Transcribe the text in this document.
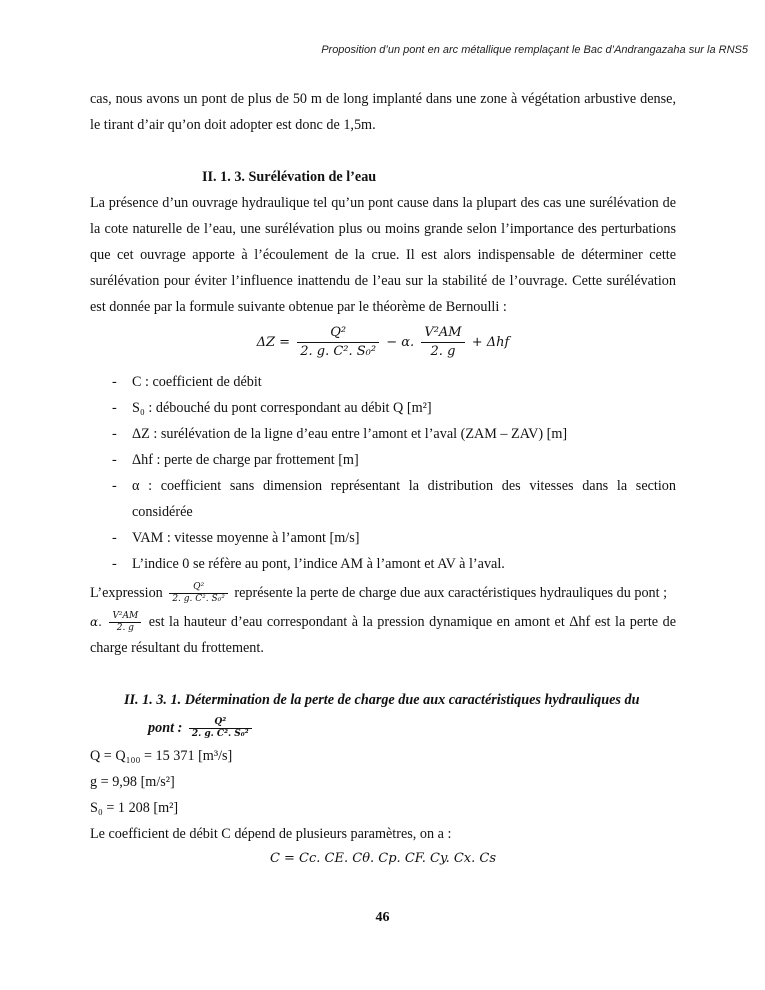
Proposition d’un pont en arc métallique remplaçant le Bac d’Andrangazaha sur la RNS5

cas, nous avons un pont de plus de 50 m de long implanté dans une zone à végétation arbustive dense, le tirant d’air qu’on doit adopter est donc de 1,5m.

II. 1. 3. Surélévation de l’eau

La présence d’un ouvrage hydraulique tel qu’un pont cause dans la plupart des cas une surélévation de la cote naturelle de l’eau, une surélévation plus ou moins grande selon l’importance des perturbations que cet ouvrage apporte à l’écoulement de la crue. Il est alors indispensable de déterminer cette surélévation pour éviter l’influence inattendu de l’eau sur la stabilité de l’ouvrage. Cette surélévation est donnée par la formule suivante obtenue par le théorème de Bernoulli :

$\Delta Z = \frac{\text{Q²}}{\text{2. g. C². S₀²}} - \alpha$. $\frac{\text{V²AM}}{2. g} + \Delta hf$
- C : coefficient de débit
- S₀ : débouché du pont correspondant au débit Q [m²]
- ΔZ : surélévation de la ligne d’eau entre l’amont et l’aval (ZAM – ZAV) [m]
- Δhf : perte de charge par frottement [m]
- α : coefficient sans dimension représentant la distribution des vitesses dans la section considérée
- VAM : vitesse moyenne à l’amont [m/s]
- L’indice 0 se réfère au pont, l’indice AM à l’amont et AV à l’aval.

L’expression $\frac{\text{Q²}}{\text{2. g. C². S₀²}}$ représente la perte de charge due aux caractéristiques hydrauliques du pont ;

α. $\frac{\text{V²AM}}{2. g}$ est la hauteur d’eau correspondant à la pression dynamique en amont et Δhf est la perte de charge résultant du frottement.

II. 1. 3. 1. Détermination de la perte de charge due aux caractéristiques hydrauliques du
pont : $\frac{\text{Q²}}{\text{2. g. C². S₀²}}$

Q = Q₁₀₀ = 15 371 [m³/s]

g = 9,98 [m/s²]

S₀ = 1 208 [m²]

Le coefficient de débit C dépend de plusieurs paramètres, on a :

C = Cc. CE. Cθ. Cp. CF. Cy. Cx. Cs
46
